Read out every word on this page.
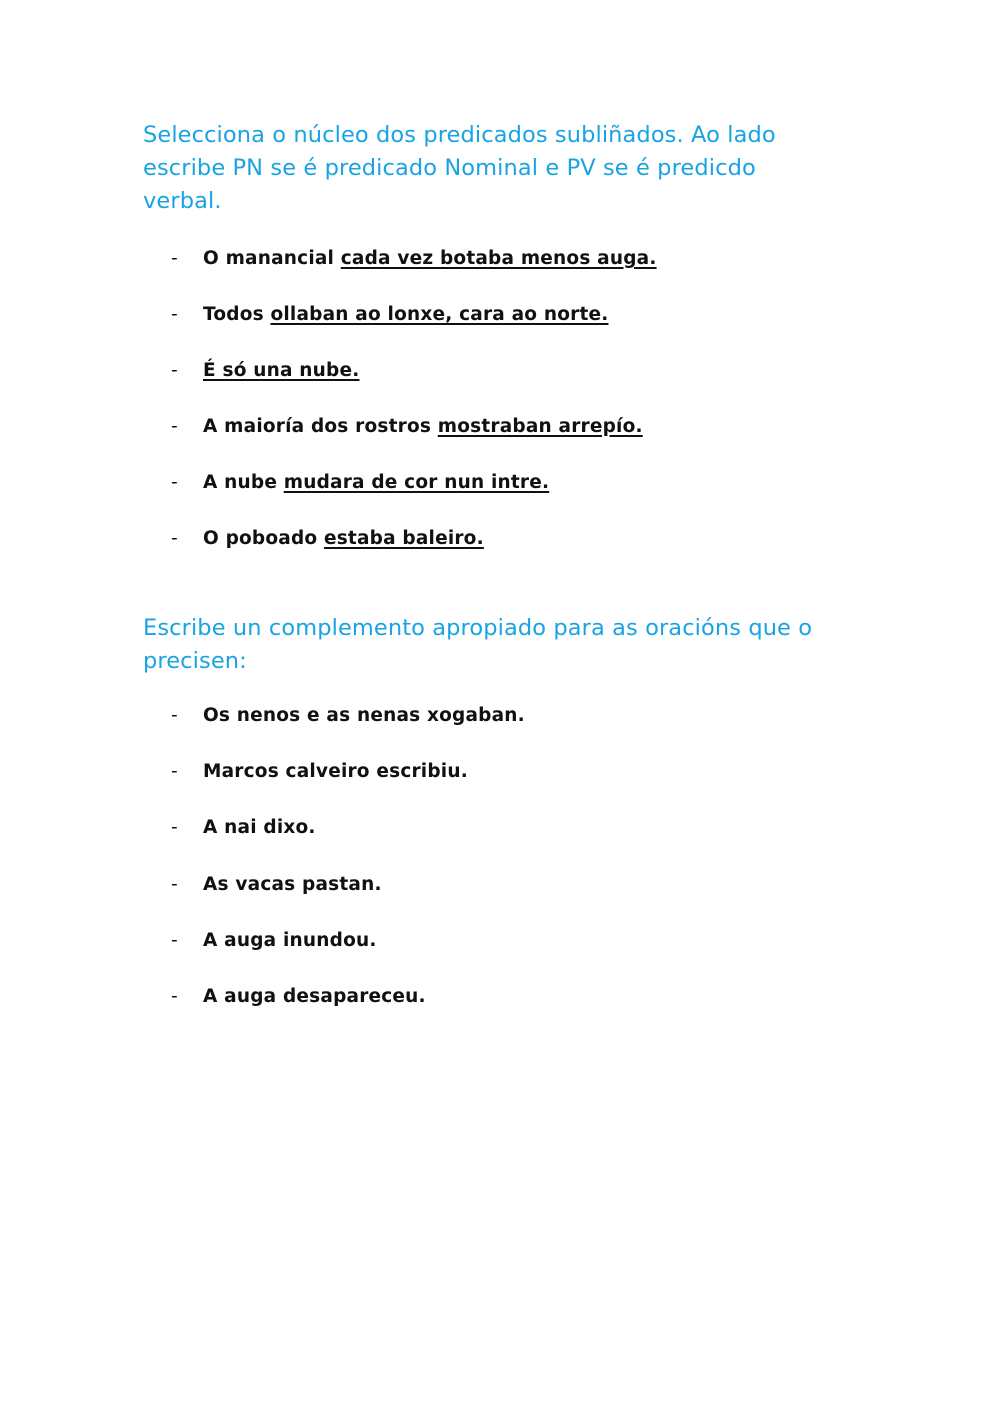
Selecciona o núcleo dos predicados subliñados. Ao lado escribe PN se é predicado Nominal e PV se é predicdo verbal.
- O manancial cada vez botaba menos auga.
- Todos ollaban ao lonxe, cara ao norte.
- É só una nube.
- A maioría dos rostros mostraban arrepío.
- A nube mudara de cor nun intre.
- O poboado estaba baleiro.
Escribe un complemento apropiado para as oracións que o precisen:
- Os nenos e as nenas xogaban.
- Marcos calveiro escribiu.
- A nai dixo.
- As vacas pastan.
- A auga inundou.
- A auga desapareceu.
